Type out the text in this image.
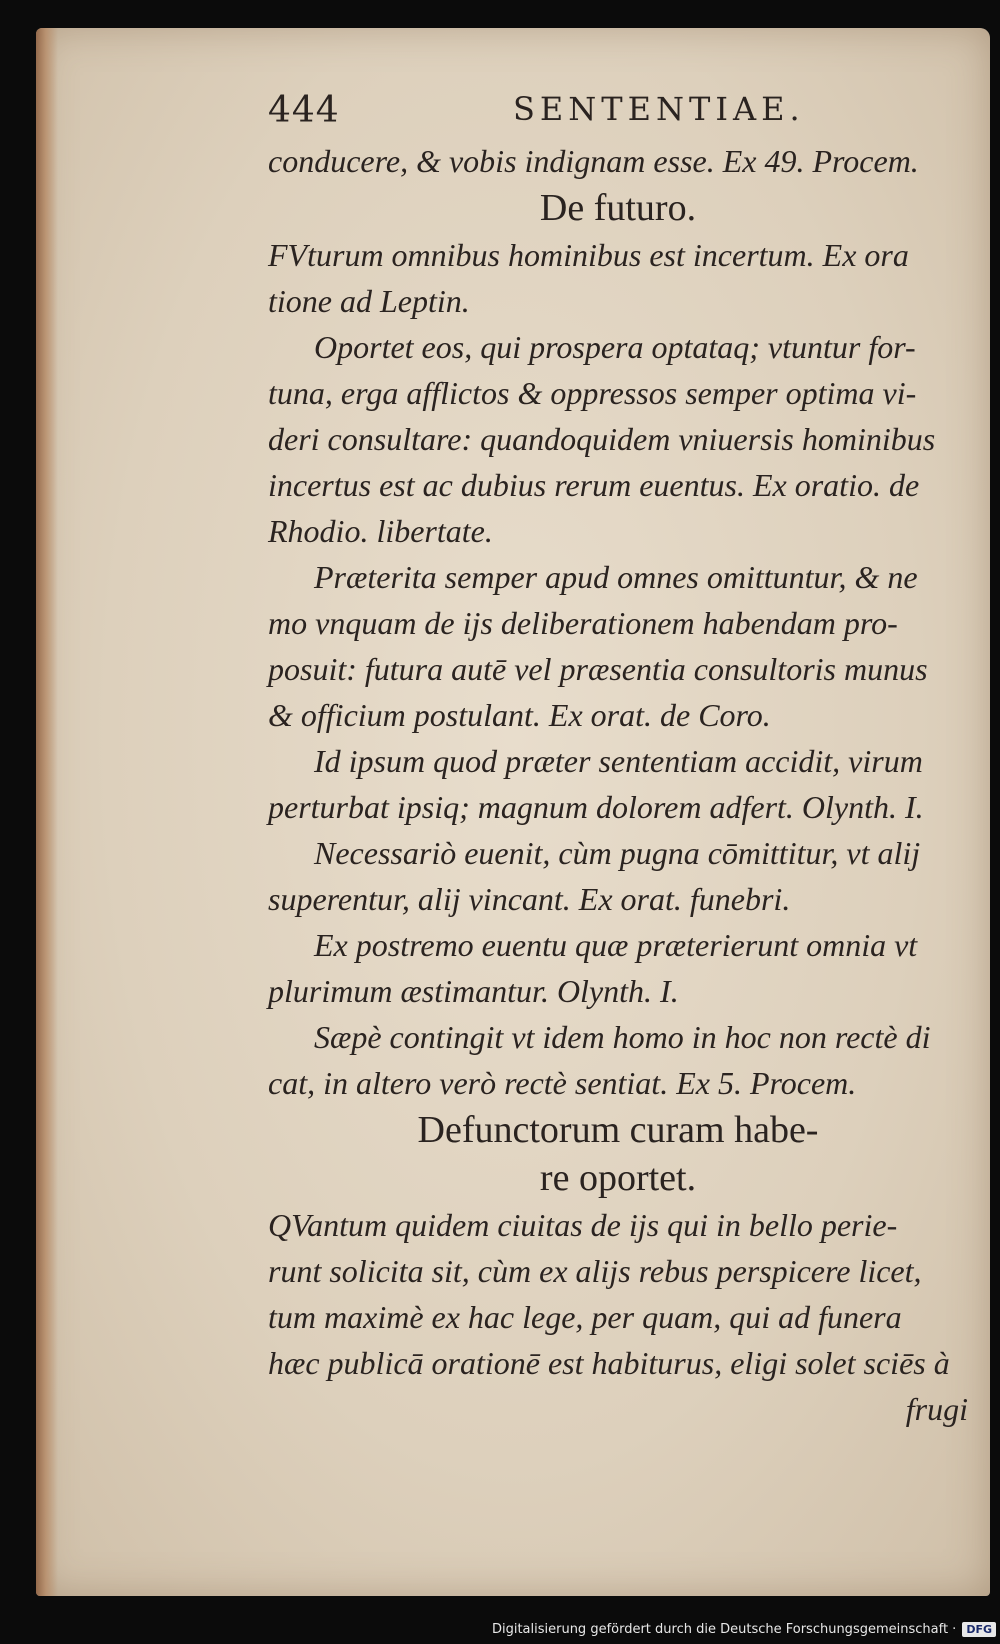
444	SENTENTIAE.

conducere, & vobis indignam esse. Ex 49. Procem.

De futuro.

FVturum omnibus hominibus est incertum. Ex ora

tione ad Leptin.

Oportet eos, qui prospera optataq; vtuntur for-

tuna, erga afflictos & oppressos semper optima vi-

deri consultare: quandoquidem vniuersis hominibus

incertus est ac dubius rerum euentus. Ex oratio. de

Rhodio. libertate.

Præterita semper apud omnes omittuntur, & ne

mo vnquam de ijs deliberationem habendam pro-

posuit: futura autē vel præsentia consultoris munus

& officium postulant. Ex orat. de Coro.

Id ipsum quod præter sententiam accidit, virum

perturbat ipsiq; magnum dolorem adfert. Olynth. I.

Necessariò euenit, cùm pugna cōmittitur, vt alij

superentur, alij vincant. Ex orat. funebri.

Ex postremo euentu quæ præterierunt omnia vt

plurimum æstimantur. Olynth. I.

Sæpè contingit vt idem homo in hoc non rectè di

cat, in altero verò rectè sentiat. Ex 5. Procem.

Defunctorum curam habe-

re oportet.

QVantum quidem ciuitas de ijs qui in bello perie-

runt solicita sit, cùm ex alijs rebus perspicere licet,

tum maximè ex hac lege, per quam, qui ad funera

hæc publicā orationē est habiturus, eligi solet sciēs à

frugi
Digitalisierung gefördert durch die Deutsche Forschungsgemeinschaft · DFG
